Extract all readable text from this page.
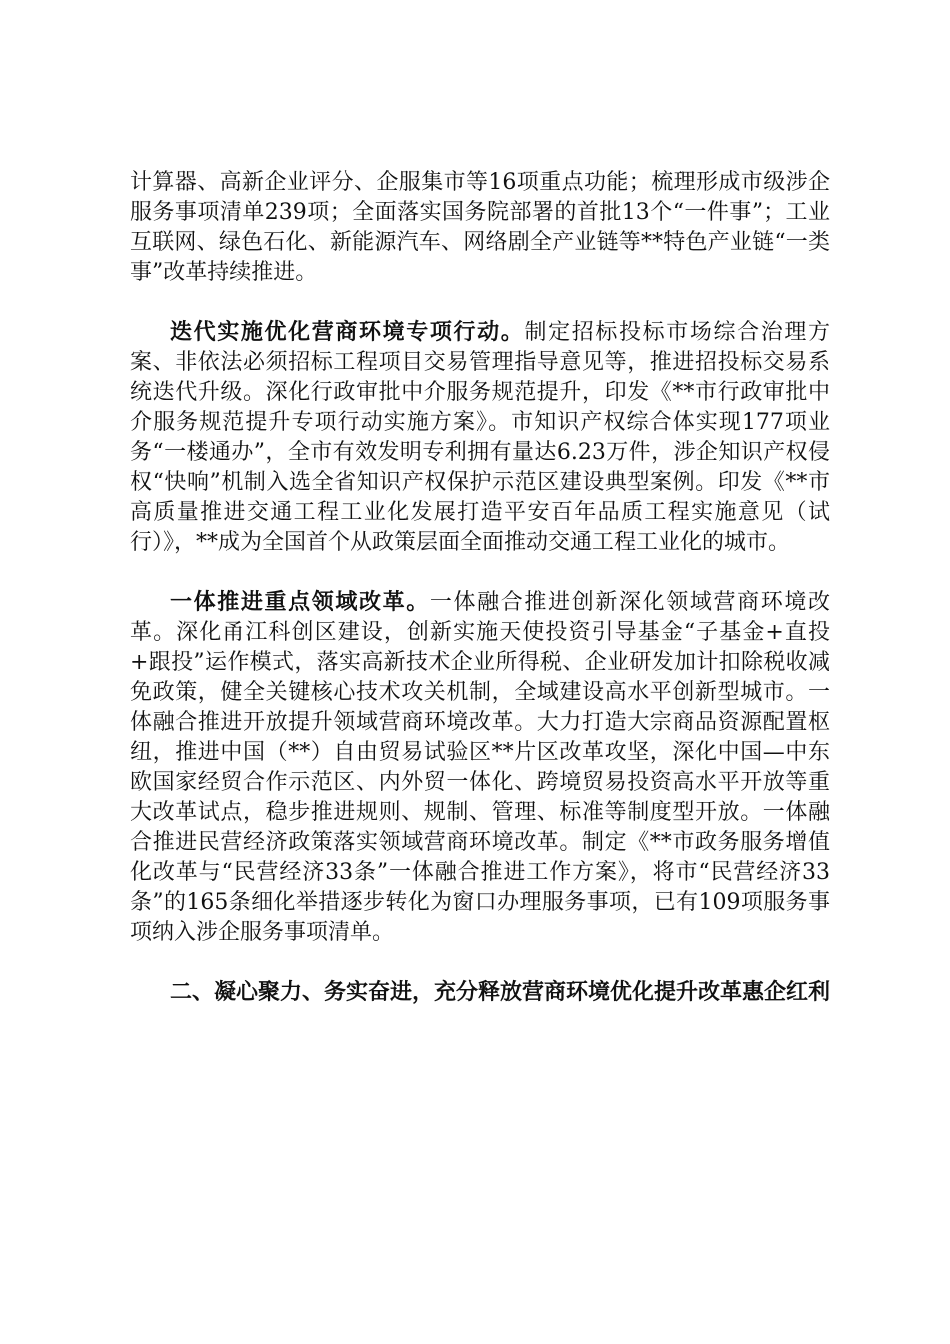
计算器、高新企业评分、企服集市等16项重点功能；梳理形成市级涉企服务事项清单239项；全面落实国务院部署的首批13个“一件事”；工业互联网、绿色石化、新能源汽车、网络剧全产业链等**特色产业链“一类事”改革持续推进。

迭代实施优化营商环境专项行动。制定招标投标市场综合治理方案、非依法必须招标工程项目交易管理指导意见等，推进招投标交易系统迭代升级。深化行政审批中介服务规范提升，印发《**市行政审批中介服务规范提升专项行动实施方案》。市知识产权综合体实现177项业务“一楼通办”，全市有效发明专利拥有量达6.23万件，涉企知识产权侵权“快响”机制入选全省知识产权保护示范区建设典型案例。印发《**市高质量推进交通工程工业化发展打造平安百年品质工程实施意见（试行）》，**成为全国首个从政策层面全面推动交通工程工业化的城市。

一体推进重点领域改革。一体融合推进创新深化领域营商环境改革。深化甬江科创区建设，创新实施天使投资引导基金“子基金+直投+跟投”运作模式，落实高新技术企业所得税、企业研发加计扣除税收减免政策，健全关键核心技术攻关机制，全域建设高水平创新型城市。一体融合推进开放提升领域营商环境改革。大力打造大宗商品资源配置枢纽，推进中国（**）自由贸易试验区**片区改革攻坚，深化中国—中东欧国家经贸合作示范区、内外贸一体化、跨境贸易投资高水平开放等重大改革试点，稳步推进规则、规制、管理、标准等制度型开放。一体融合推进民营经济政策落实领域营商环境改革。制定《**市政务服务增值化改革与“民营经济33条”一体融合推进工作方案》，将市“民营经济33条”的165条细化举措逐步转化为窗口办理服务事项，已有109项服务事项纳入涉企服务事项清单。

二、凝心聚力、务实奋进，充分释放营商环境优化提升改革惠企红利
